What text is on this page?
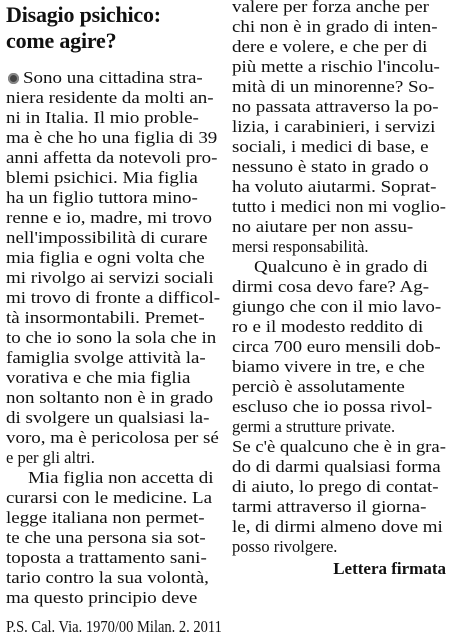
Disagio psichico:
come agire?
Sono una cittadina stra-
niera residente da molti an-
ni in Italia. Il mio proble-
ma è che ho una figlia di 39
anni affetta da notevoli pro-
blemi psichici. Mia figlia
ha un figlio tuttora mino-
renne e io, madre, mi trovo
nell'impossibilità di curare
mia figlia e ogni volta che
mi rivolgo ai servizi sociali
mi trovo di fronte a difficol-
tà insormontabili. Premet-
to che io sono la sola che in
famiglia svolge attività la-
vorativa e che mia figlia
non soltanto non è in grado
di svolgere un qualsiasi la-
voro, ma è pericolosa per sé
e per gli altri.
Mia figlia non accetta di
curarsi con le medicine. La
legge italiana non permet-
te che una persona sia sot-
toposta a trattamento sani-
tario contro la sua volontà,
ma questo principio deve
P.S. Cal. Via. 1970/00 Milan. 2. 2011
valere per forza anche per
chi non è in grado di inten-
dere e volere, e che per di
più mette a rischio l'incolu-
mità di un minorenne? So-
no passata attraverso la po-
lizia, i carabinieri, i servizi
sociali, i medici di base, e
nessuno è stato in grado o
ha voluto aiutarmi. Soprat-
tutto i medici non mi voglio-
no aiutare per non assu-
mersi responsabilità.
Qualcuno è in grado di
dirmi cosa devo fare? Ag-
giungo che con il mio lavo-
ro e il modesto reddito di
circa 700 euro mensili dob-
biamo vivere in tre, e che
perciò è assolutamente
escluso che io possa rivol-
germi a strutture private.
Se c'è qualcuno che è in gra-
do di darmi qualsiasi forma
di aiuto, lo prego di contat-
tarmi attraverso il giorna-
le, di dirmi almeno dove mi
posso rivolgere.
Lettera firmata
